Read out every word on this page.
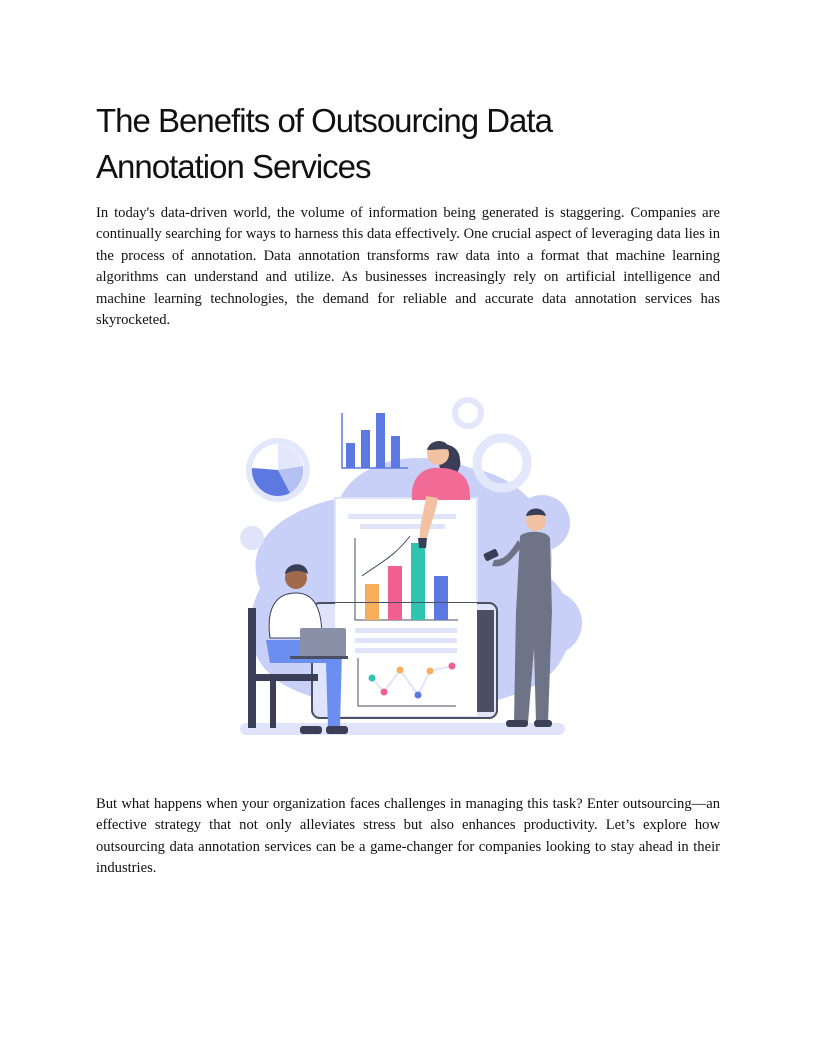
The Benefits of Outsourcing Data Annotation Services

In today's data-driven world, the volume of information being generated is staggering. Companies are continually searching for ways to harness this data effectively. One crucial aspect of leveraging data lies in the process of annotation. Data annotation transforms raw data into a format that machine learning algorithms can understand and utilize. As businesses increasingly rely on artificial intelligence and machine learning technologies, the demand for reliable and accurate data annotation services has skyrocketed.

But what happens when your organization faces challenges in managing this task? Enter outsourcing—an effective strategy that not only alleviates stress but also enhances productivity. Let’s explore how outsourcing data annotation services can be a game-changer for companies looking to stay ahead in their industries.
